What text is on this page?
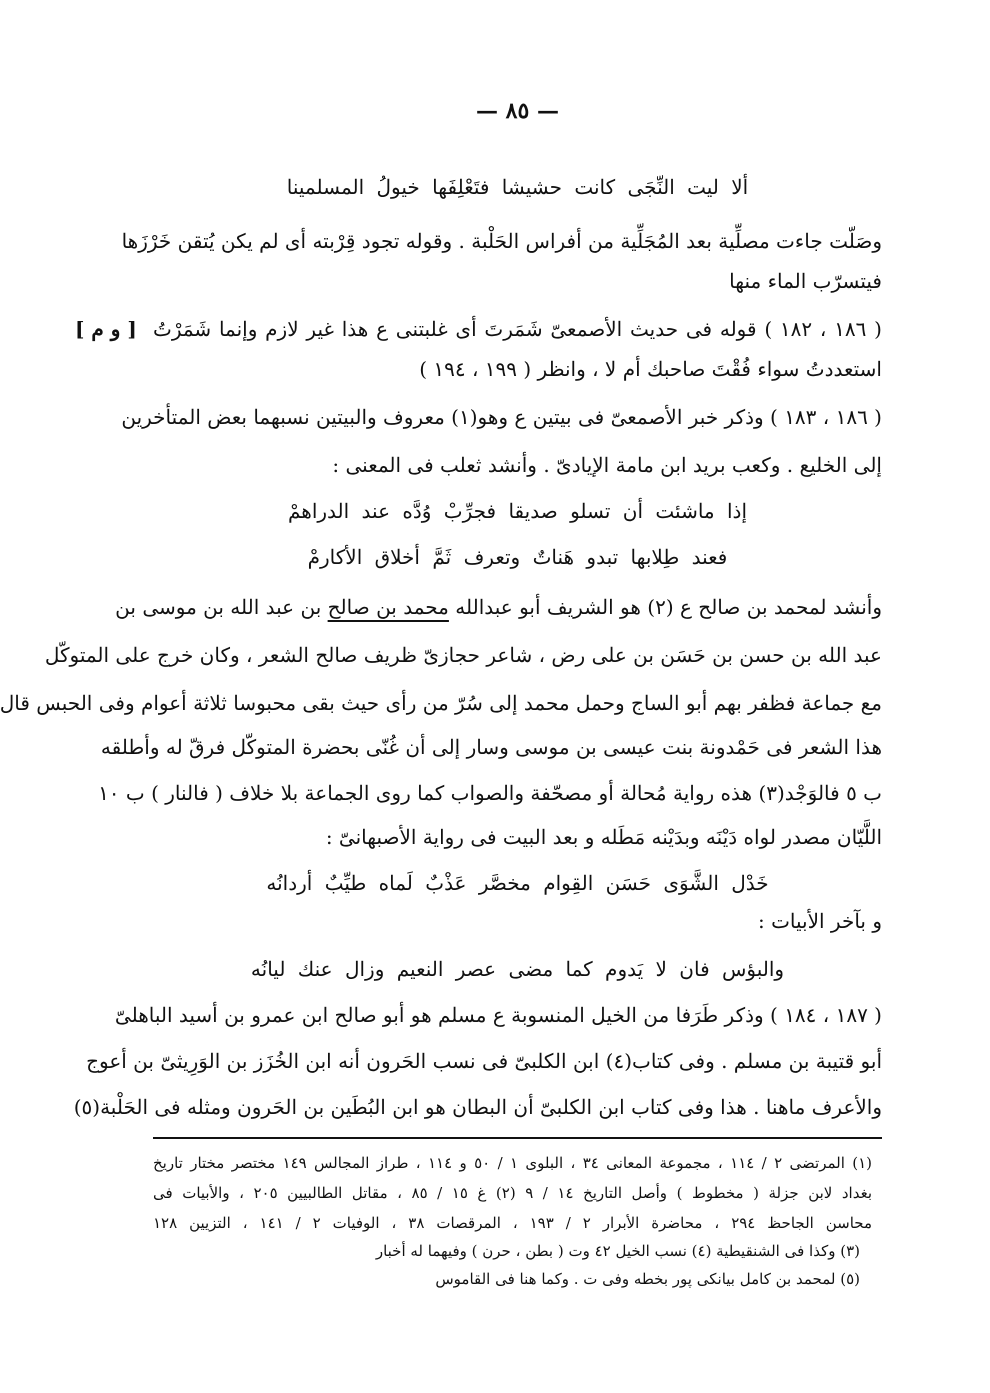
— ٨٥ —
[ و م ]
ألا ليت النِّجَى كانت حشيشا فتَعْلِفَها خيولُ المسلمينا
وصَلّت جاءت مصلِّية بعد المُجَلِّية من أفراس الحَلْبة . وقوله تجود قِرْبته أى لم يكن يُتقن خَرْزَها
فيتسرّب الماء منها
( ١٨٦ ، ١٨٢ ) قوله فى حديث الأصمعىّ شَمَرتَ أى غلبتنى ع هذا غير لازم وإنما شَمَرْتُ
استعددتُ سواء فُقْتَ صاحبك أم لا ، وانظر ( ١٩٩ ، ١٩٤ )
( ١٨٦ ، ١٨٣ ) وذكر خبر الأصمعىّ فى بيتين ع وهو(١) معروف والبيتين نسبهما بعض المتأخرين
إلى الخليع . وكعب بريد ابن مامة الإيادىّ . وأنشد ثعلب فى المعنى :
إذا ماشئت أن تسلو صديقا فجرِّبْ وُدَّه عند الدراهمْ
فعند طِلابها تبدو هَناتٌ وتعرف ثَمَّ أخلاق الأكارمْ
وأنشد لمحمد بن صالح ع (٢) هو الشريف أبو عبدالله محمد بن صالح بن عبد الله بن موسى بن
عبد الله بن حسن بن حَسَن بن على رض ، شاعر حجازىّ ظريف صالح الشعر ، وكان خرج على المتوكّل
مع جماعة فظفر بهم أبو الساج وحمل محمد إلى سُرّ من رأى حيث بقى محبوسا ثلاثة أعوام وفى الحبس قال
هذا الشعر فى حَمْدونة بنت عيسى بن موسى وسار إلى أن غُنّى بحضرة المتوكّل فرقّ له وأطلقه
ب ٥ فالوَجْد(٣) هذه رواية مُحالة أو مصحّفة والصواب كما روى الجماعة بلا خلاف ( فالنار ) ب ١٠
اللَّيّان مصدر لواه دَيْنَه وبدَيْنه مَطَله و بعد البيت فى رواية الأصبهانىّ :
خَدْل الشَّوَى حَسَن القِوام مخصَّر عَذْبٌ لَماه طيِّبٌ أردانُه
و بآخر الأبيات :
والبؤس فان لا يَدوم كما مضى عصر النعيم وزال عنك ليانُه
( ١٨٧ ، ١٨٤ ) وذكر طَرَفا من الخيل المنسوبة ع مسلم هو أبو صالح ابن عمرو بن أسيد الباهلىّ
أبو قتيبة بن مسلم . وفى كتاب(٤) ابن الكلبىّ فى نسب الحَرون أنه ابن الخُزَز بن الوَرِيثىّ بن أعوج
والأعرف ماهنا . هذا وفى كتاب ابن الكلبىّ أن البطان هو ابن البُطَين بن الحَرون ومثله فى الحَلْبة(٥)
(١) المرتضى ٢ / ١١٤ ، مجموعة المعانى ٣٤ ، البلوى ١ / ٥٠ و ١١٤ ، طراز المجالس ١٤٩ مختصر مختار تاريخ
بغداد لابن جزلة ( مخطوط ) وأصل التاريخ ١٤ / ٩ (٢) غ ١٥ / ٨٥ ، مقاتل الطالبيين ٢٠٥ ، والأبيات فى
محاسن الجاحظ ٢٩٤ ، محاضرة الأبرار ٢ / ١٩٣ ، المرقصات ٣٨ ، الوفيات ٢ / ١٤١ ، التزيين ١٢٨
(٣) وكذا فى الشنقيطية (٤) نسب الخيل ٤٢ وت ( بطن ، حرن ) وفيهما له أخبار
(٥) لمحمد بن كامل بيانكى پور بخطه وفى ت . وكما هنا فى القاموس
